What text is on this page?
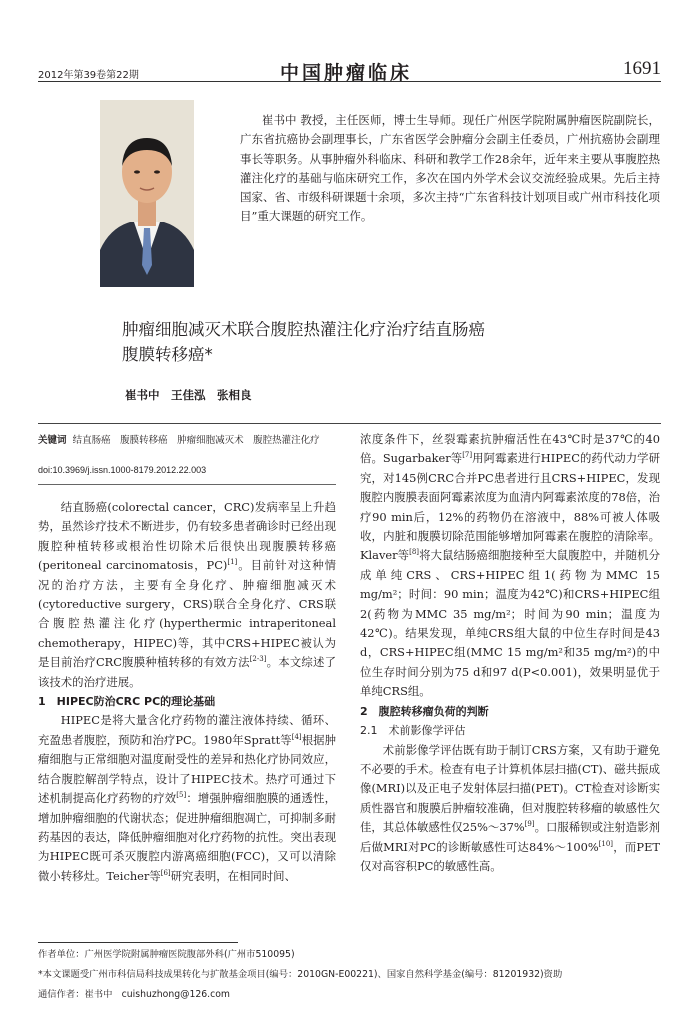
2012年第39卷第22期	中国肿瘤临床	1691
崔书中 教授，主任医师，博士生导师。现任广州医学院附属肿瘤医院副院长，广东省抗癌协会副理事长，广东省医学会肿瘤分会副主任委员，广州抗癌协会副理事长等职务。从事肿瘤外科临床、科研和教学工作28余年，近年来主要从事腹腔热灌注化疗的基础与临床研究工作，多次在国内外学术会议交流经验成果。先后主持国家、省、市级科研课题十余项，多次主持“广东省科技计划项目或广州市科技化项目”重大课题的研究工作。
肿瘤细胞减灭术联合腹腔热灌注化疗治疗结直肠癌
腹膜转移癌*
崔书中　王佳泓　张相良
关键词 结直肠癌　腹膜转移癌　肿瘤细胞减灭术　腹腔热灌注化疗
doi:10.3969/j.issn.1000-8179.2012.22.003

结直肠癌(colorectal cancer，CRC)发病率呈上升趋势，虽然诊疗技术不断进步，仍有较多患者确诊时已经出现腹腔种植转移或根治性切除术后很快出现腹膜转移癌(peritoneal carcinomatosis，PC)[1]。目前针对这种情况的治疗方法，主要有全身化疗、肿瘤细胞减灭术(cytoreductive surgery，CRS)联合全身化疗、CRS联合腹腔热灌注化疗(hyperthermic intraperitoneal chemotherapy，HIPEC)等，其中CRS+HIPEC被认为是目前治疗CRC腹膜种植转移的有效方法[2-3]。本文综述了该技术的治疗进展。

1　HIPEC防治CRC PC的理论基础

HIPEC是将大量含化疗药物的灌注液体持续、循环、充盈患者腹腔，预防和治疗PC。1980年Spratt等[4]根据肿瘤细胞与正常细胞对温度耐受性的差异和热化疗协同效应，结合腹腔解剖学特点，设计了HIPEC技术。热疗可通过下述机制提高化疗药物的疗效[5]：增强肿瘤细胞膜的通透性，增加肿瘤细胞的代谢状态；促进肿瘤细胞凋亡，可抑制多耐药基因的表达，降低肿瘤细胞对化疗药物的抗性。突出表现为HIPEC既可杀灭腹腔内游离癌细胞(FCC)，又可以清除微小转移灶。Teicher等[6]研究表明，在相同时间、

浓度条件下，丝裂霉素抗肿瘤活性在43℃时是37℃的40倍。Sugarbaker等[7]用阿霉素进行HIPEC的药代动力学研究，对145例CRC合并PC患者进行且CRS+HIPEC，发现腹腔内腹膜表面阿霉素浓度为血清内阿霉素浓度的78倍，治疗90 min后，12%的药物仍在溶液中，88%可被人体吸收，内脏和腹膜切除范围能够增加阿霉素在腹腔的清除率。Klaver等[8]将大鼠结肠癌细胞接种至大鼠腹腔中，并随机分成单纯CRS、CRS+HIPEC组1(药物为MMC 15 mg/m²；时间：90 min；温度为42℃)和CRS+HIPEC组2(药物为MMC 35 mg/m²；时间为90 min；温度为42℃)。结果发现，单纯CRS组大鼠的中位生存时间是43 d，CRS+HIPEC组(MMC 15 mg/m²和35 mg/m²)的中位生存时间分别为75 d和97 d(P<0.001)，效果明显优于单纯CRS组。

2　腹腔转移瘤负荷的判断

2.1　术前影像学评估

术前影像学评估既有助于制订CRS方案，又有助于避免不必要的手术。检查有电子计算机体层扫描(CT)、磁共振成像(MRI)以及正电子发射体层扫描(PET)。CT检查对诊断实质性器官和腹膜后肿瘤较准确，但对腹腔转移瘤的敏感性欠佳，其总体敏感性仅25%～37%[9]。口服稀钡或注射造影剂后做MRI对PC的诊断敏感性可达84%～100%[10]，而PET仅对高容积PC的敏感性高。

作者单位：广州医学院附属肿瘤医院腹部外科(广州市510095)
*本文课题受广州市科信局科技成果转化与扩散基金项目(编号：2010GN-E00221)、国家自然科学基金(编号：81201932)资助
通信作者：崔书中　cuishuzhong@126.com
